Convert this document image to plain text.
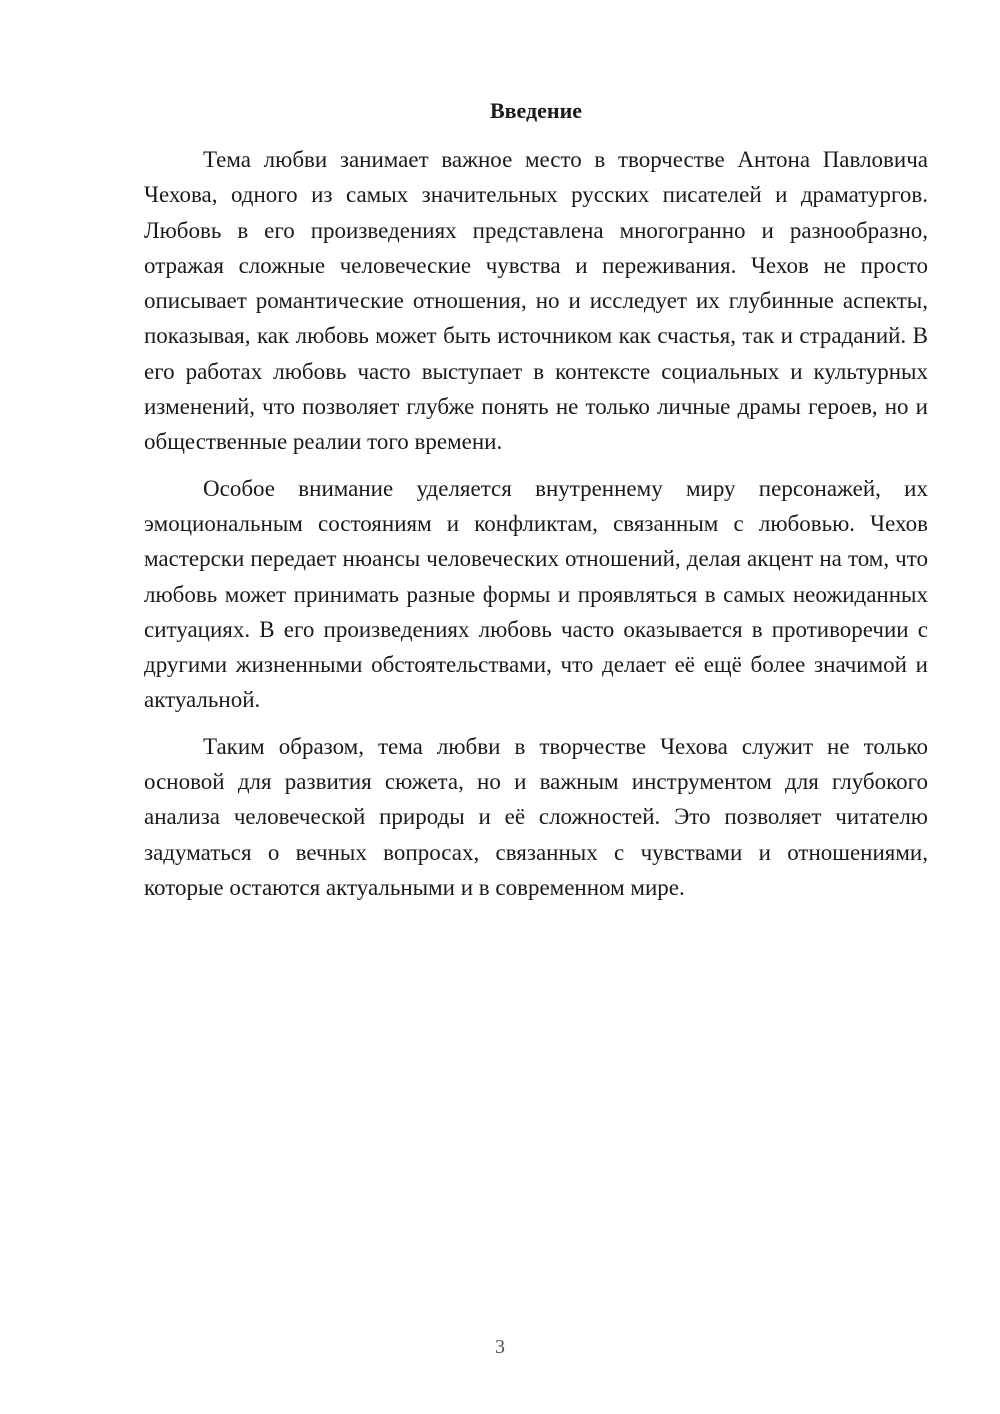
Введение

Тема любви занимает важное место в творчестве Антона Павловича Чехова, одного из самых значительных русских писателей и драматургов. Любовь в его произведениях представлена многогранно и разнообразно, отражая сложные человеческие чувства и переживания. Чехов не просто описывает романтические отношения, но и исследует их глубинные аспекты, показывая, как любовь может быть источником как счастья, так и страданий. В его работах любовь часто выступает в контексте социальных и культурных изменений, что позволяет глубже понять не только личные драмы героев, но и общественные реалии того времени.

Особое внимание уделяется внутреннему миру персонажей, их эмоциональным состояниям и конфликтам, связанным с любовью. Чехов мастерски передает нюансы человеческих отношений, делая акцент на том, что любовь может принимать разные формы и проявляться в самых неожиданных ситуациях. В его произведениях любовь часто оказывается в противоречии с другими жизненными обстоятельствами, что делает её ещё более значимой и актуальной.

Таким образом, тема любви в творчестве Чехова служит не только основой для развития сюжета, но и важным инструментом для глубокого анализа человеческой природы и её сложностей. Это позволяет читателю задуматься о вечных вопросах, связанных с чувствами и отношениями, которые остаются актуальными и в современном мире.

3
